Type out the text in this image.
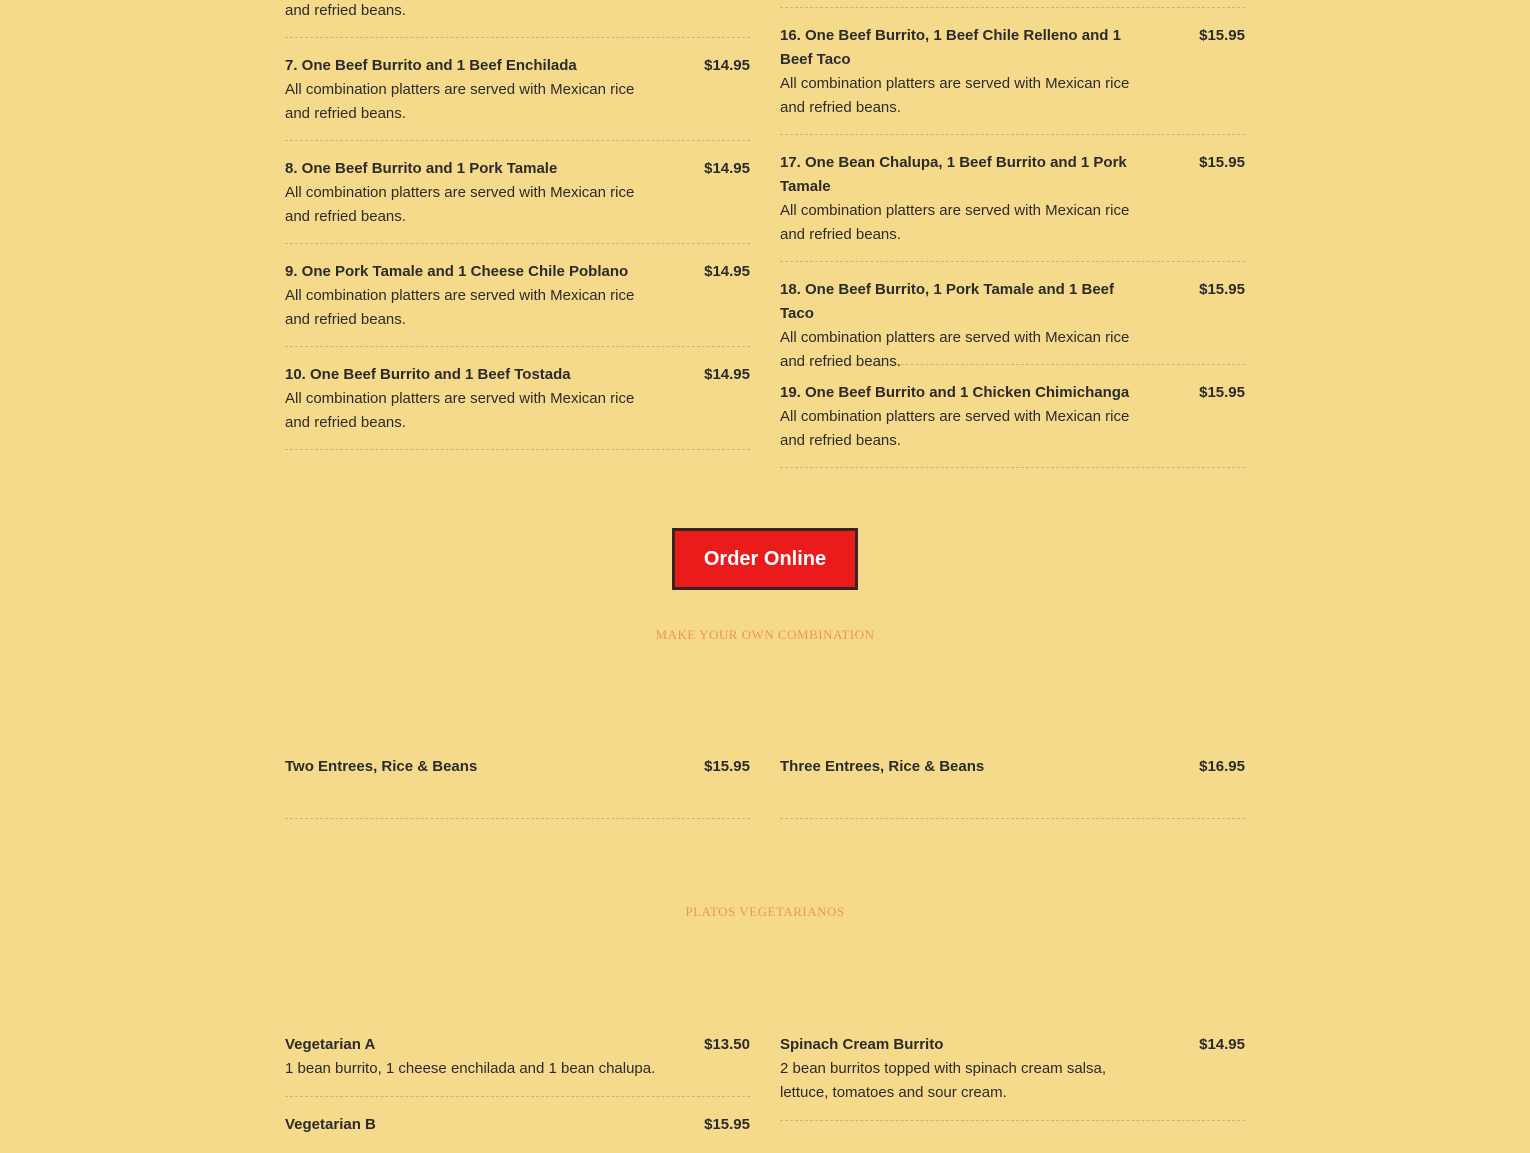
and refried beans.
7. One Beef Burrito and 1 Beef Enchilada	$14.95
All combination platters are served with Mexican rice and refried beans.
8. One Beef Burrito and 1 Pork Tamale	$14.95
All combination platters are served with Mexican rice and refried beans.
9. One Pork Tamale and 1 Cheese Chile Poblano	$14.95
All combination platters are served with Mexican rice and refried beans.
10. One Beef Burrito and 1 Beef Tostada	$14.95
All combination platters are served with Mexican rice and refried beans.
16. One Beef Burrito, 1 Beef Chile Relleno and 1 Beef Taco
$15.95
All combination platters are served with Mexican rice and refried beans.
17. One Bean Chalupa, 1 Beef Burrito and 1 Pork Tamale
$15.95
All combination platters are served with Mexican rice and refried beans.
18. One Beef Burrito, 1 Pork Tamale and 1 Beef Taco
$15.95
All combination platters are served with Mexican rice and refried beans.
19. One Beef Burrito and 1 Chicken Chimichanga	$15.95
All combination platters are served with Mexican rice and refried beans.
Order Online
MAKE YOUR OWN COMBINATION
Two Entrees, Rice & Beans	$15.95 Three Entrees, Rice & Beans	$16.95
PLATOS VEGETARIANOS
Vegetarian A	$13.50
1 bean burrito, 1 cheese enchilada and 1 bean chalupa.
Vegetarian B	$15.95
Spinach Cream Burrito	$14.95
2 bean burritos topped with spinach cream salsa, lettuce, tomatoes and sour cream.
